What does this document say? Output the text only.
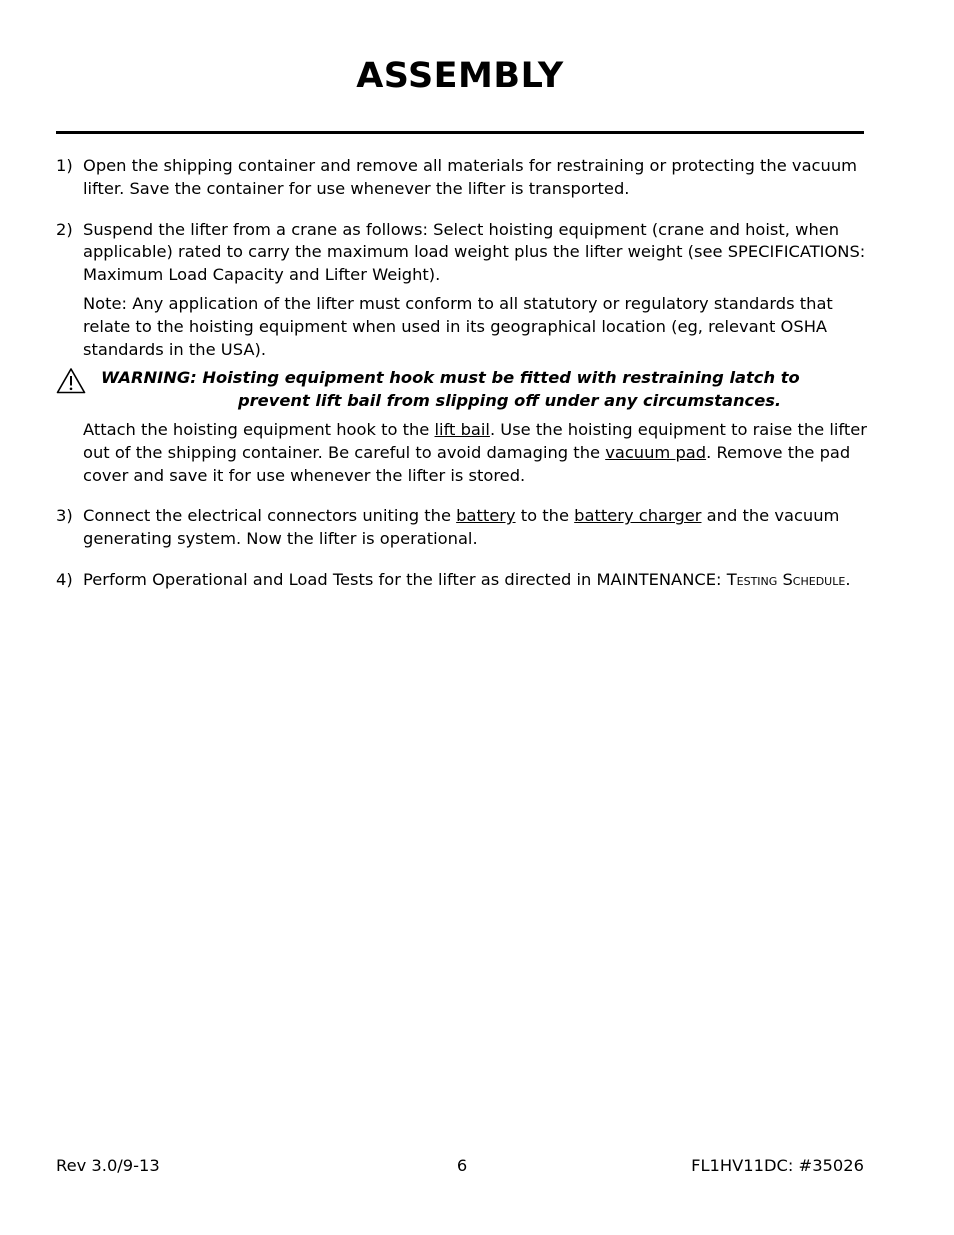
ASSEMBLY
1) Open the shipping container and remove all materials for restraining or protecting the vacuum lifter. Save the container for use whenever the lifter is transported.

2) Suspend the lifter from a crane as follows: Select hoisting equipment (crane and hoist, when applicable) rated to carry the maximum load weight plus the lifter weight (see SPECIFICATIONS: Maximum Load Capacity and Lifter Weight).

Note: Any application of the lifter must conform to all statutory or regulatory standards that relate to the hoisting equipment when used in its geographical location (eg, relevant OSHA standards in the USA).

WARNING: Hoisting equipment hook must be fitted with restraining latch to
prevent lift bail from slipping off under any circumstances.

Attach the hoisting equipment hook to the lift bail. Use the hoisting equipment to raise the lifter out of the shipping container. Be careful to avoid damaging the vacuum pad. Remove the pad cover and save it for use whenever the lifter is stored.

3) Connect the electrical connectors uniting the battery to the battery charger and the vacuum generating system. Now the lifter is operational.

4) Perform Operational and Load Tests for the lifter as directed in MAINTENANCE: Testing Schedule.

Rev 3.0/9-13	6	FL1HV11DC: #35026
